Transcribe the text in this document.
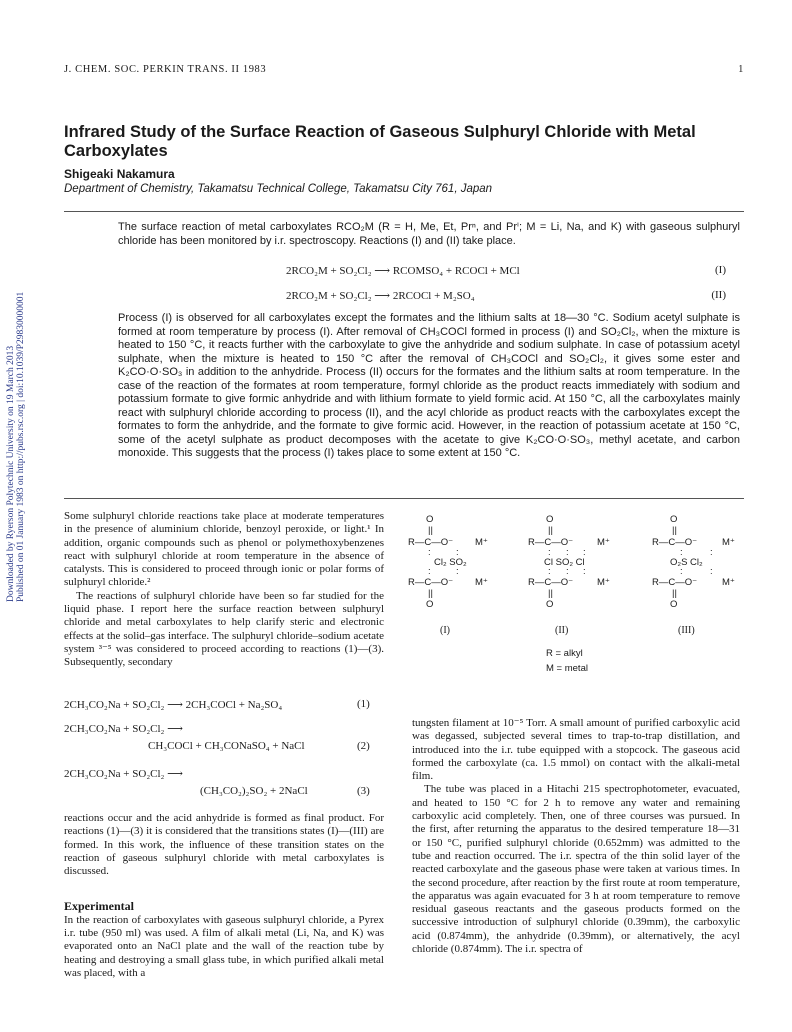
Downloaded by Ryerson Polytechnic University on 19 March 2013 Published on 01 January 1983 on http://pubs.rsc.org | doi:10.1039/P29830000001
J. CHEM. SOC. PERKIN TRANS. II 1983	1
Infrared Study of the Surface Reaction of Gaseous Sulphuryl Chloride with Metal Carboxylates
Shigeaki Nakamura
Department of Chemistry, Takamatsu Technical College, Takamatsu City 761, Japan

The surface reaction of metal carboxylates RCO₂M (R = H, Me, Et, Prⁿ, and Prⁱ; M = Li, Na, and K) with gaseous sulphuryl chloride has been monitored by i.r. spectroscopy. Reactions (I) and (II) take place.

2RCO₂M + SO₂Cl₂ ⟶ RCOMSO₄ + RCOCl + MCl	(I)
2RCO₂M + SO₂Cl₂ ⟶ 2RCOCl + M₂SO₄	(II)

Process (I) is observed for all carboxylates except the formates and the lithium salts at 18—30 °C. Sodium acetyl sulphate is formed at room temperature by process (I). After removal of CH₃COCl formed in process (I) and SO₂Cl₂, when the mixture is heated to 150 °C, it reacts further with the carboxylate to give the anhydride and sodium sulphate. In case of potassium acetyl sulphate, when the mixture is heated to 150 °C after the removal of CH₃COCl and SO₂Cl₂, it gives some ester and K₂CO·O·SO₃ in addition to the anhydride. Process (II) occurs for the formates and the lithium salts at room temperature. In the case of the reaction of the formates at room temperature, formyl chloride as the product reacts immediately with sodium and potassium formate to give formic anhydride and with lithium formate to yield formic acid. At 150 °C, all the carboxylates mainly react with sulphuryl chloride according to process (II), and the acyl chloride as product reacts with the carboxylates except the formates to form the anhydride, and the formate to give formic acid. However, in the reaction of potassium acetate at 150 °C, some of the acetyl sulphate as product decomposes with the acetate to give K₂CO·O·SO₃, methyl acetate, and carbon monoxide. This suggests that the process (I) takes place to some extent at 150 °C.

Some sulphuryl chloride reactions take place at moderate temperatures in the presence of aluminium chloride, benzoyl peroxide, or light.¹ In addition, organic compounds such as phenol or polymethoxybenzenes react with sulphuryl chloride at room temperature in the absence of catalysts. This is considered to proceed through ionic or polar forms of sulphuryl chloride.²

The reactions of sulphuryl chloride have been so far studied for the liquid phase. I report here the surface reaction between sulphuryl chloride and metal carboxylates to help clarify steric and electronic effects at the solid–gas interface. The sulphuryl chloride–sodium acetate system ³⁻⁵ was considered to proceed according to reactions (1)—(3). Subsequently, secondary

2CH₃CO₂Na + SO₂Cl₂ ⟶ 2CH₃COCl + Na₂SO₄	(1)
2CH₃CO₂Na + SO₂Cl₂ ⟶
CH₃COCl + CH₃CONaSO₄ + NaCl	(2)
2CH₃CO₂Na + SO₂Cl₂ ⟶
(CH₃CO₂)₂SO₂ + 2NaCl	(3)

reactions occur and the acid anhydride is formed as final product. For reactions (1)—(3) it is considered that the transitions states (I)—(III) are formed. In this work, the influence of these transition states on the reaction of gaseous sulphuryl chloride with metal carboxylates is discussed.

Experimental

In the reaction of carboxylates with gaseous sulphuryl chloride, a Pyrex i.r. tube (950 ml) was used. A film of alkali metal (Li, Na, and K) was evaporated onto an NaCl plate and the wall of the reaction tube by heating and destroying a small glass tube, in which purified alkali metal was placed, with a

O
||
R—C—O⁻ M⁺
:	:
Cl₂ SO₂
:	:
R—C—O⁻ M⁺
||
O
O
||
R—C—O⁻	M⁺
: : :
Cl SO₂ Cl
: : :
R—C—O⁻	M⁺
||
O
O
||
R—C—O⁻	M⁺
:	:
O₂S Cl₂
:	:
R—C—O⁻	M⁺
||
O
(I)	(II)	(III)
R = alkyl
M = metal

tungsten filament at 10⁻⁵ Torr. A small amount of purified carboxylic acid was degassed, subjected several times to trap-to-trap distillation, and introduced into the i.r. tube equipped with a stopcock. The gaseous acid formed the carboxylate (ca. 1.5 mmol) on contact with the alkali-metal film.

The tube was placed in a Hitachi 215 spectrophotometer, evacuated, and heated to 150 °C for 2 h to remove any water and remaining carboxylic acid completely. Then, one of three courses was pursued. In the first, after returning the apparatus to the desired temperature 18—31 or 150 °C, purified sulphuryl chloride (0.652mm) was admitted to the tube and reaction occurred. The i.r. spectra of the thin solid layer of the reacted carboxylate and the gaseous phase were taken at various times. In the second procedure, after reaction by the first route at room temperature, the apparatus was again evacuated for 3 h at room temperature to remove residual gaseous reactants and the gaseous products formed on the successive introduction of sulphuryl chloride (0.39mm), the carboxylic acid (0.874mm), the anhydride (0.39mm), or alternatively, the acyl chloride (0.874mm). The i.r. spectra of
